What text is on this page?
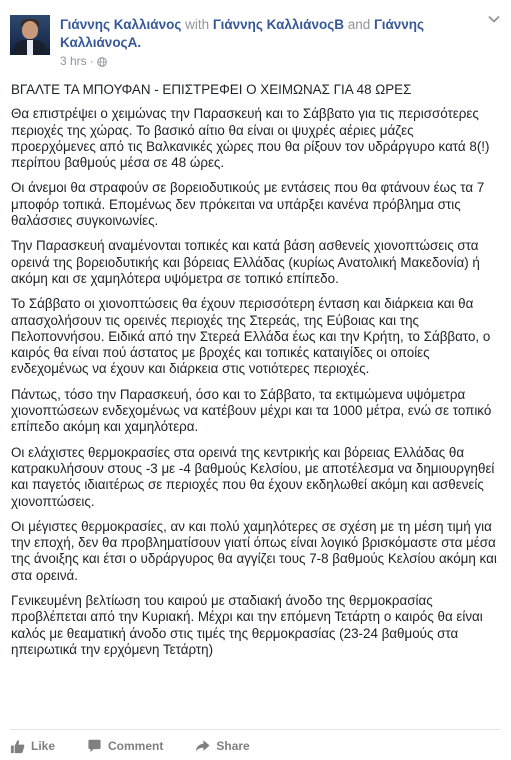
Γιάννης Καλλιάνος with Γιάννης ΚαλλιάνοςΒ and Γιάννης ΚαλλιάνοςΑ.
3 hrs ·

ΒΓΑΛΤΕ ΤΑ ΜΠΟΥΦΑΝ - ΕΠΙΣΤΡΕΦΕΙ Ο ΧΕΙΜΩΝΑΣ ΓΙΑ 48 ΩΡΕΣ

Θα επιστρέψει ο χειμώνας την Παρασκευή και το Σάββατο για τις περισσότερες περιοχές της χώρας. Το βασικό αίτιο θα είναι οι ψυχρές αέριες μάζες προερχόμενες από τις Βαλκανικές χώρες που θα ρίξουν τον υδράργυρο κατά 8(!) περίπου βαθμούς μέσα σε 48 ώρες.

Οι άνεμοι θα στραφούν σε βορειοδυτικούς με εντάσεις που θα φτάνουν έως τα 7 μποφόρ τοπικά. Επομένως δεν πρόκειται να υπάρξει κανένα πρόβλημα στις θαλάσσιες συγκοινωνίες.

Την Παρασκευή αναμένονται τοπικές και κατά βάση ασθενείς χιονοπτώσεις στα ορεινά της βορειοδυτικής και βόρειας Ελλάδας (κυρίως Ανατολική Μακεδονία) ή ακόμη και σε χαμηλότερα υψόμετρα σε τοπικό επίπεδο.

Το Σάββατο οι χιονοπτώσεις θα έχουν περισσότερη ένταση και διάρκεια και θα απασχολήσουν τις ορεινές περιοχές της Στερεάς, της Εύβοιας και της Πελοποννήσου. Ειδικά από την Στερεά Ελλάδα έως και την Κρήτη, το Σάββατο, ο καιρός θα είναι πού άστατος με βροχές και τοπικές καταιγίδες οι οποίες ενδεχομένως να έχουν και διάρκεια στις νοτιότερες περιοχές.

Πάντως, τόσο την Παρασκευή, όσο και το Σάββατο, τα εκτιμώμενα υψόμετρα χιονοπτώσεων ενδεχομένως να κατέβουν μέχρι και τα 1000 μέτρα, ενώ σε τοπικό επίπεδο ακόμη και χαμηλότερα.

Οι ελάχιστες θερμοκρασίες στα ορεινά της κεντρικής και βόρειας Ελλάδας θα κατρακυλήσουν στους -3 με -4 βαθμούς Κελσίου, με αποτέλεσμα να δημιουργηθεί και παγετός ιδιαιτέρως σε περιοχές που θα έχουν εκδηλωθεί ακόμη και ασθενείς χιονοπτώσεις.

Οι μέγιστες θερμοκρασίες, αν και πολύ χαμηλότερες σε σχέση με τη μέση τιμή για την εποχή, δεν θα προβληματίσουν γιατί όπως είναι λογικό βρισκόμαστε στα μέσα της άνοιξης και έτσι ο υδράργυρος θα αγγίζει τους 7-8 βαθμούς Κελσίου ακόμη και στα ορεινά.

Γενικευμένη βελτίωση του καιρού με σταδιακή άνοδο της θερμοκρασίας προβλέπεται από την Κυριακή. Μέχρι και την επόμενη Τετάρτη ο καιρός θα είναι καλός με θεαματική άνοδο στις τιμές της θερμοκρασίας (23-24 βαθμούς στα ηπειρωτικά την ερχόμενη Τετάρτη)

Like	Comment	Share
